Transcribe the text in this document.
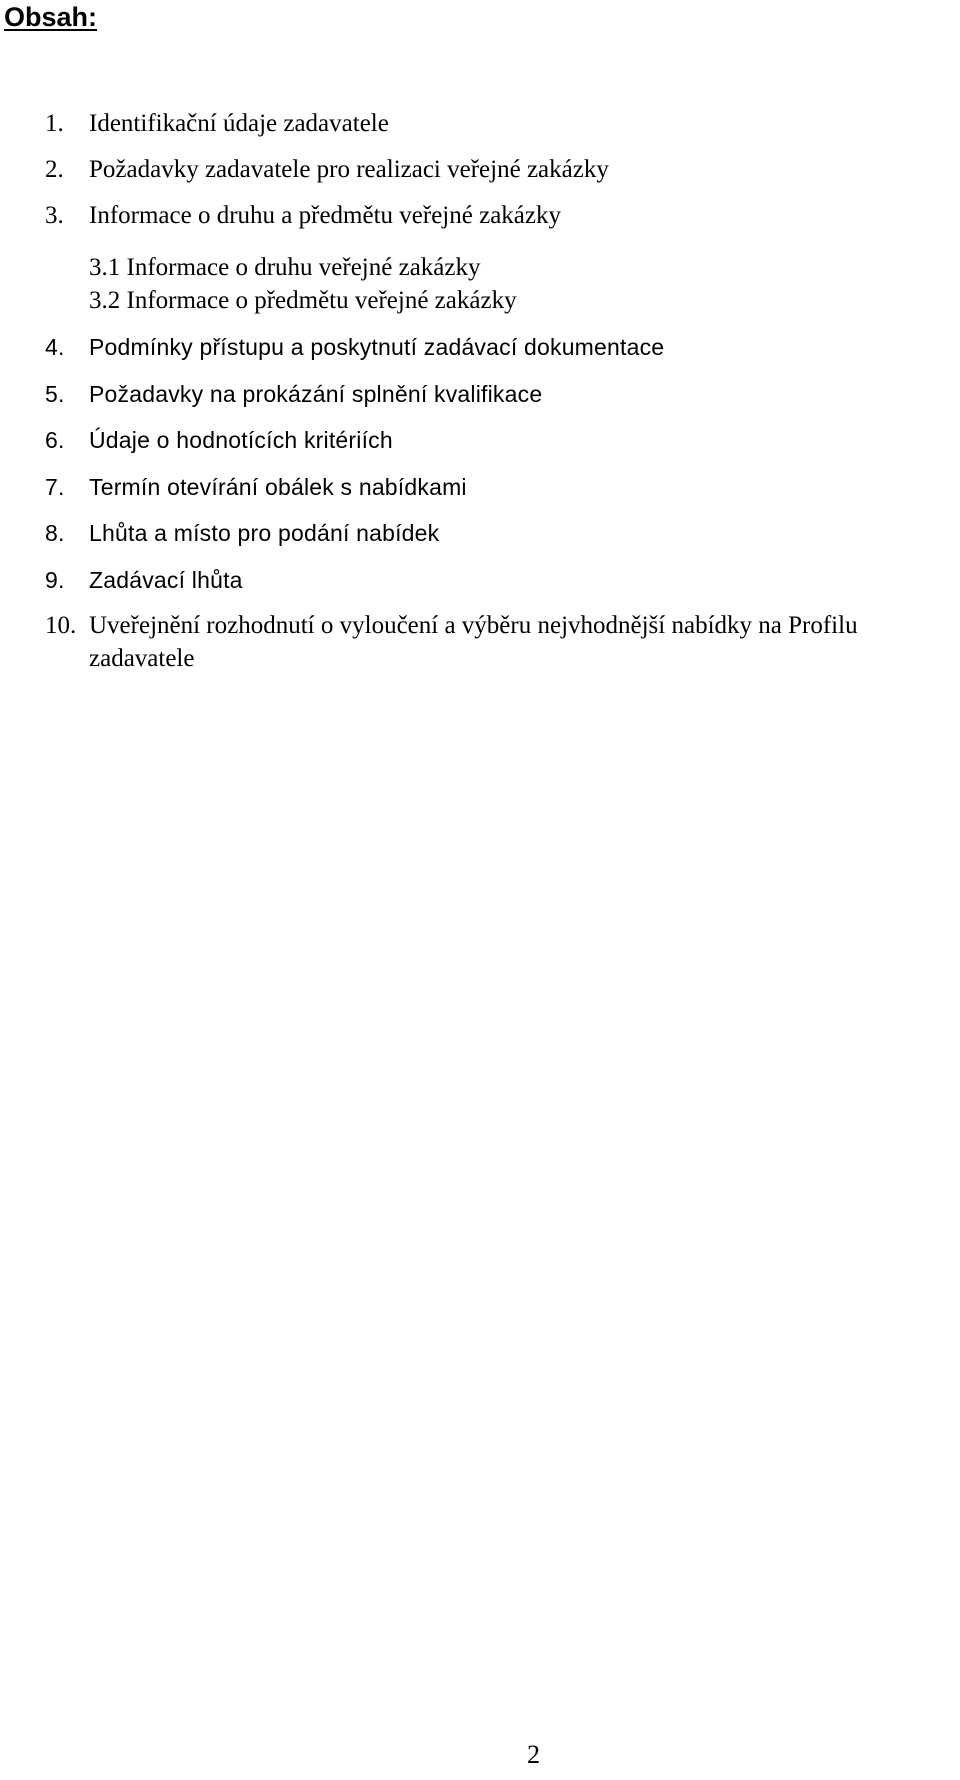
Obsah:
1. Identifikační údaje zadavatele
2. Požadavky zadavatele pro realizaci veřejné zakázky
3. Informace o druhu a předmětu veřejné zakázky
3.1 Informace o druhu veřejné zakázky
3.2 Informace o předmětu veřejné zakázky
4. Podmínky přístupu a poskytnutí zadávací dokumentace
5. Požadavky na prokázání splnění kvalifikace
6. Údaje o hodnotících kritériích
7. Termín otevírání obálek s nabídkami
8. Lhůta a místo pro podání nabídek
9. Zadávací lhůta
10. Uveřejnění rozhodnutí o vyloučení a výběru nejvhodnější nabídky na Profilu zadavatele
2
